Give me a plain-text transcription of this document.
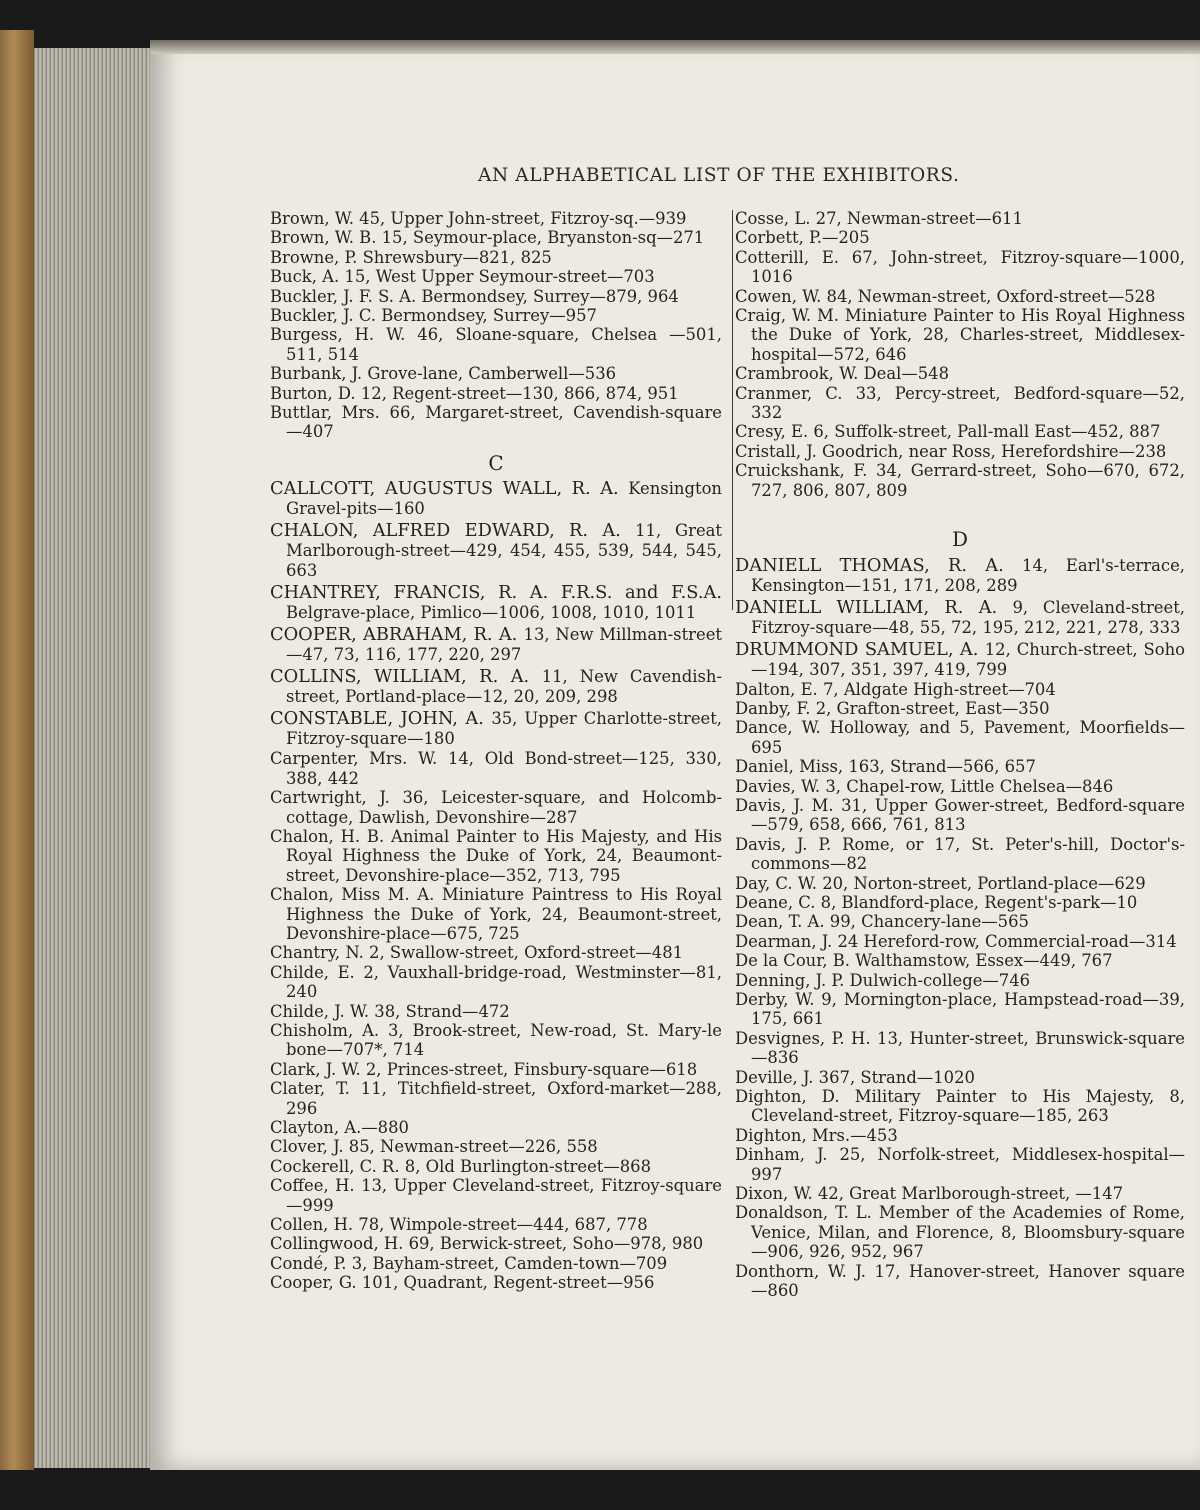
AN ALPHABETICAL LIST OF THE EXHIBITORS.

Brown, W. 45, Upper John-street, Fitzroy-sq.—939

Brown, W. B. 15, Seymour-place, Bryanston-sq—271

Browne, P. Shrewsbury—821, 825

Buck, A. 15, West Upper Seymour-street—703

Buckler, J. F. S. A. Bermondsey, Surrey—879, 964

Buckler, J. C. Bermondsey, Surrey—957

Burgess, H. W. 46, Sloane-square, Chelsea —501, 511, 514

Burbank, J. Grove-lane, Camberwell—536

Burton, D. 12, Regent-street—130, 866, 874, 951

Buttlar, Mrs. 66, Margaret-street, Cavendish-square —407

C

CALLCOTT, AUGUSTUS WALL, R. A. Kensington Gravel-pits—160

CHALON, ALFRED EDWARD, R. A. 11, Great Marlborough-street—429, 454, 455, 539, 544, 545, 663

CHANTREY, FRANCIS, R. A. F.R.S. and F.S.A. Belgrave-place, Pimlico—1006, 1008, 1010, 1011

COOPER, ABRAHAM, R. A. 13, New Millman-street—47, 73, 116, 177, 220, 297

COLLINS, WILLIAM, R. A. 11, New Cavendish-street, Portland-place—12, 20, 209, 298

CONSTABLE, JOHN, A. 35, Upper Charlotte-street, Fitzroy-square—180

Carpenter, Mrs. W. 14, Old Bond-street—125, 330, 388, 442

Cartwright, J. 36, Leicester-square, and Holcomb-cottage, Dawlish, Devonshire—287

Chalon, H. B. Animal Painter to His Majesty, and His Royal Highness the Duke of York, 24, Beaumont-street, Devonshire-place—352, 713, 795

Chalon, Miss M. A. Miniature Paintress to His Royal Highness the Duke of York, 24, Beaumont-street, Devonshire-place—675, 725

Chantry, N. 2, Swallow-street, Oxford-street—481

Childe, E. 2, Vauxhall-bridge-road, Westminster—81, 240

Childe, J. W. 38, Strand—472

Chisholm, A. 3, Brook-street, New-road, St. Mary-le bone—707*, 714

Clark, J. W. 2, Princes-street, Finsbury-square—618

Clater, T. 11, Titchfield-street, Oxford-market—288, 296

Clayton, A.—880

Clover, J. 85, Newman-street—226, 558

Cockerell, C. R. 8, Old Burlington-street—868

Coffee, H. 13, Upper Cleveland-street, Fitzroy-square —999

Collen, H. 78, Wimpole-street—444, 687, 778

Collingwood, H. 69, Berwick-street, Soho—978, 980

Condé, P. 3, Bayham-street, Camden-town—709

Cooper, G. 101, Quadrant, Regent-street—956

Cosse, L. 27, Newman-street—611

Corbett, P.—205

Cotterill, E. 67, John-street, Fitzroy-square—1000, 1016

Cowen, W. 84, Newman-street, Oxford-street—528

Craig, W. M. Miniature Painter to His Royal Highness the Duke of York, 28, Charles-street, Middlesex-hospital—572, 646

Crambrook, W. Deal—548

Cranmer, C. 33, Percy-street, Bedford-square—52, 332

Cresy, E. 6, Suffolk-street, Pall-mall East—452, 887

Cristall, J. Goodrich, near Ross, Herefordshire—238

Cruickshank, F. 34, Gerrard-street, Soho—670, 672, 727, 806, 807, 809

D

DANIELL THOMAS, R. A. 14, Earl's-terrace, Kensington—151, 171, 208, 289

DANIELL WILLIAM, R. A. 9, Cleveland-street, Fitzroy-square—48, 55, 72, 195, 212, 221, 278, 333

DRUMMOND SAMUEL, A. 12, Church-street, Soho—194, 307, 351, 397, 419, 799

Dalton, E. 7, Aldgate High-street—704

Danby, F. 2, Grafton-street, East—350

Dance, W. Holloway, and 5, Pavement, Moorfields—695

Daniel, Miss, 163, Strand—566, 657

Davies, W. 3, Chapel-row, Little Chelsea—846

Davis, J. M. 31, Upper Gower-street, Bedford-square —579, 658, 666, 761, 813

Davis, J. P. Rome, or 17, St. Peter's-hill, Doctor's-commons—82

Day, C. W. 20, Norton-street, Portland-place—629

Deane, C. 8, Blandford-place, Regent's-park—10

Dean, T. A. 99, Chancery-lane—565

Dearman, J. 24 Hereford-row, Commercial-road—314

De la Cour, B. Walthamstow, Essex—449, 767

Denning, J. P. Dulwich-college—746

Derby, W. 9, Mornington-place, Hampstead-road—39, 175, 661

Desvignes, P. H. 13, Hunter-street, Brunswick-square —836

Deville, J. 367, Strand—1020

Dighton, D. Military Painter to His Majesty, 8, Cleveland-street, Fitzroy-square—185, 263

Dighton, Mrs.—453

Dinham, J. 25, Norfolk-street, Middlesex-hospital—997

Dixon, W. 42, Great Marlborough-street, —147

Donaldson, T. L. Member of the Academies of Rome, Venice, Milan, and Florence, 8, Bloomsbury-square —906, 926, 952, 967

Donthorn, W. J. 17, Hanover-street, Hanover square —860
